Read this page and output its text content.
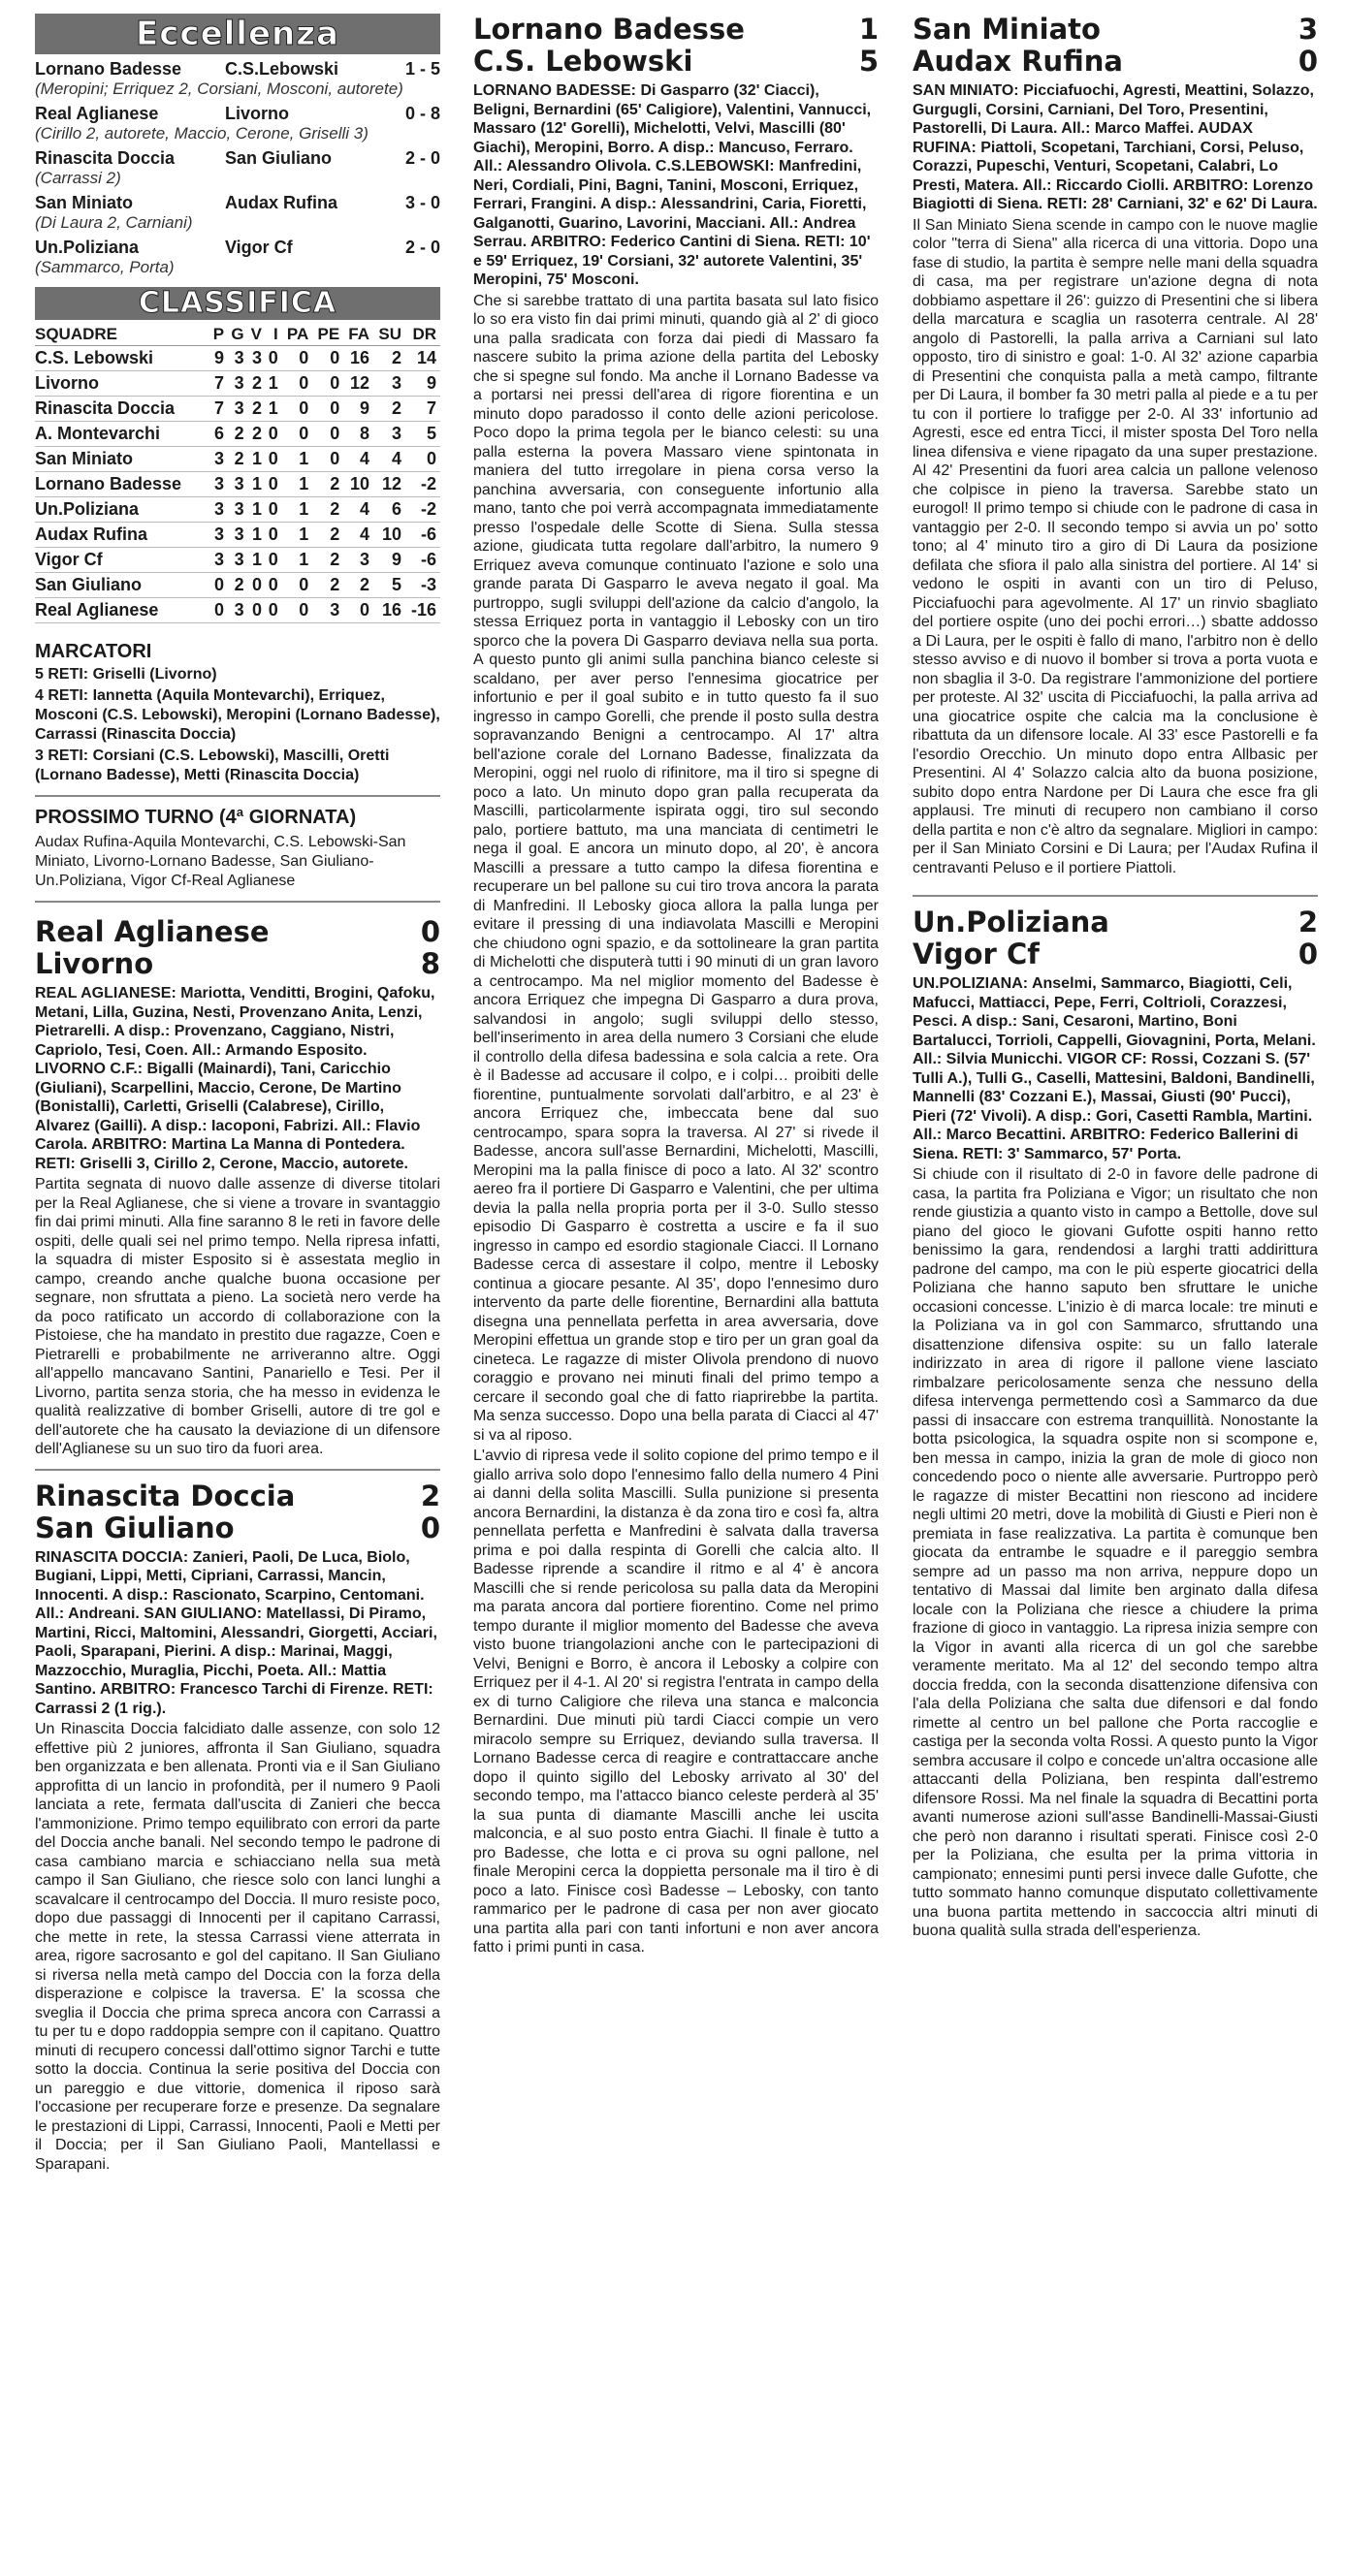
Eccellenza
Lornano Badesse	C.S.Lebowski	1 - 5
(Meropini; Erriquez 2, Corsiani, Mosconi, autorete)
Real Aglianese	Livorno	0 - 8
(Cirillo 2, autorete, Maccio, Cerone, Griselli 3)
Rinascita Doccia	San Giuliano	2 - 0
(Carrassi 2)
San Miniato	Audax Rufina	3 - 0
(Di Laura 2, Carniani)
Un.Poliziana	Vigor Cf	2 - 0
(Sammarco, Porta)
CLASSIFICA
SQUADRE	P	G	V	I	PA	PE	FA	SU	DR
C.S. Lebowski	9	3	3	0	0	0	16	2	14
Livorno	7	3	2	1	0	0	12	3	9
Rinascita Doccia	7	3	2	1	0	0	9	2	7
A. Montevarchi	6	2	2	0	0	0	8	3	5
San Miniato	3	2	1	0	1	0	4	4	0
Lornano Badesse	3	3	1	0	1	2	10	12	-2
Un.Poliziana	3	3	1	0	1	2	4	6	-2
Audax Rufina	3	3	1	0	1	2	4	10	-6
Vigor Cf	3	3	1	0	1	2	3	9	-6
San Giuliano	0	2	0	0	0	2	2	5	-3
Real Aglianese	0	3	0	0	0	3	0	16	-16
MARCATORI
5 RETI: Griselli (Livorno)
4 RETI: Iannetta (Aquila Montevarchi), Erriquez, Mosconi (C.S. Lebowski), Meropini (Lornano Badesse), Carrassi (Rinascita Doccia)
3 RETI: Corsiani (C.S. Lebowski), Mascilli, Oretti (Lornano Badesse), Metti (Rinascita Doccia)
PROSSIMO TURNO (4ª GIORNATA)
Audax Rufina-Aquila Montevarchi, C.S. Lebowski-San Miniato, Livorno-Lornano Badesse, San Giuliano-Un.Poliziana, Vigor Cf-Real Aglianese
Real Aglianese	0
Livorno	8
REAL AGLIANESE: Mariotta, Venditti, Brogini, Qafoku, Metani, Lilla, Guzina, Nesti, Provenzano Anita, Lenzi, Pietrarelli. A disp.: Provenzano, Caggiano, Nistri, Capriolo, Tesi, Coen. All.: Armando Esposito. LIVORNO C.F.: Bigalli (Mainardi), Tani, Caricchio (Giuliani), Scarpellini, Maccio, Cerone, De Martino (Bonistalli), Carletti, Griselli (Calabrese), Cirillo, Alvarez (Gailli). A disp.: Iacoponi, Fabrizi. All.: Flavio Carola. ARBITRO: Martina La Manna di Pontedera. RETI: Griselli 3, Cirillo 2, Cerone, Maccio, autorete.
Partita segnata di nuovo dalle assenze di diverse titolari per la Real Aglianese, che si viene a trovare in svantaggio fin dai primi minuti. Alla fine saranno 8 le reti in favore delle ospiti, delle quali sei nel primo tempo. Nella ripresa infatti, la squadra di mister Esposito si è assestata meglio in campo, creando anche qualche buona occasione per segnare, non sfruttata a pieno. La società nero verde ha da poco ratificato un accordo di collaborazione con la Pistoiese, che ha mandato in prestito due ragazze, Coen e Pietrarelli e probabilmente ne arriveranno altre. Oggi all'appello mancavano Santini, Panariello e Tesi. Per il Livorno, partita senza storia, che ha messo in evidenza le qualità realizzative di bomber Griselli, autore di tre gol e dell'autorete che ha causato la deviazione di un difensore dell'Aglianese su un suo tiro da fuori area.
Rinascita Doccia	2
San Giuliano	0
RINASCITA DOCCIA: Zanieri, Paoli, De Luca, Biolo, Bugiani, Lippi, Metti, Cipriani, Carrassi, Mancin, Innocenti. A disp.: Rascionato, Scarpino, Centomani. All.: Andreani. SAN GIULIANO: Matellassi, Di Piramo, Martini, Ricci, Maltomini, Alessandri, Giorgetti, Acciari, Paoli, Sparapani, Pierini. A disp.: Marinai, Maggi, Mazzocchio, Muraglia, Picchi, Poeta. All.: Mattia Santino. ARBITRO: Francesco Tarchi di Firenze. RETI: Carrassi 2 (1 rig.).
Un Rinascita Doccia falcidiato dalle assenze, con solo 12 effettive più 2 juniores, affronta il San Giuliano, squadra ben organizzata e ben allenata. Pronti via e il San Giuliano approfitta di un lancio in profondità, per il numero 9 Paoli lanciata a rete, fermata dall'uscita di Zanieri che becca l'ammonizione. Primo tempo equilibrato con errori da parte del Doccia anche banali. Nel secondo tempo le padrone di casa cambiano marcia e schiacciano nella sua metà campo il San Giuliano, che riesce solo con lanci lunghi a scavalcare il centrocampo del Doccia. Il muro resiste poco, dopo due passaggi di Innocenti per il capitano Carrassi, che mette in rete, la stessa Carrassi viene atterrata in area, rigore sacrosanto e gol del capitano. Il San Giuliano si riversa nella metà campo del Doccia con la forza della disperazione e colpisce la traversa. E' la scossa che sveglia il Doccia che prima spreca ancora con Carrassi a tu per tu e dopo raddoppia sempre con il capitano. Quattro minuti di recupero concessi dall'ottimo signor Tarchi e tutte sotto la doccia. Continua la serie positiva del Doccia con un pareggio e due vittorie, domenica il riposo sarà l'occasione per recuperare forze e presenze. Da segnalare le prestazioni di Lippi, Carrassi, Innocenti, Paoli e Metti per il Doccia; per il San Giuliano Paoli, Mantellassi e Sparapani.
Lornano Badesse	1
C.S. Lebowski	5
LORNANO BADESSE: Di Gasparro (32' Ciacci), Beligni, Bernardini (65' Caligiore), Valentini, Vannucci, Massaro (12' Gorelli), Michelotti, Velvi, Mascilli (80' Giachi), Meropini, Borro. A disp.: Mancuso, Ferraro. All.: Alessandro Olivola. C.S.LEBOWSKI: Manfredini, Neri, Cordiali, Pini, Bagni, Tanini, Mosconi, Erriquez, Ferrari, Frangini. A disp.: Alessandrini, Caria, Fioretti, Galganotti, Guarino, Lavorini, Macciani. All.: Andrea Serrau. ARBITRO: Federico Cantini di Siena. RETI: 10' e 59' Erriquez, 19' Corsiani, 32' autorete Valentini, 35' Meropini, 75' Mosconi.
Che si sarebbe trattato di una partita basata sul lato fisico lo so era visto fin dai primi minuti, quando già al 2' di gioco una palla sradicata con forza dai piedi di Massaro fa nascere subito la prima azione della partita del Lebosky che si spegne sul fondo. Ma anche il Lornano Badesse va a portarsi nei pressi dell'area di rigore fiorentina e un minuto dopo paradosso il conto delle azioni pericolose. Poco dopo la prima tegola per le bianco celesti: su una palla esterna la povera Massaro viene spintonata in maniera del tutto irregolare in piena corsa verso la panchina avversaria, con conseguente infortunio alla mano, tanto che poi verrà accompagnata immediatamente presso l'ospedale delle Scotte di Siena. Sulla stessa azione, giudicata tutta regolare dall'arbitro, la numero 9 Erriquez aveva comunque continuato l'azione e solo una grande parata Di Gasparro le aveva negato il goal. Ma purtroppo, sugli sviluppi dell'azione da calcio d'angolo, la stessa Erriquez porta in vantaggio il Lebosky con un tiro sporco che la povera Di Gasparro deviava nella sua porta. A questo punto gli animi sulla panchina bianco celeste si scaldano, per aver perso l'ennesima giocatrice per infortunio e per il goal subito e in tutto questo fa il suo ingresso in campo Gorelli, che prende il posto sulla destra sopravanzando Benigni a centrocampo. Al 17' altra bell'azione corale del Lornano Badesse, finalizzata da Meropini, oggi nel ruolo di rifinitore, ma il tiro si spegne di poco a lato. Un minuto dopo gran palla recuperata da Mascilli, particolarmente ispirata oggi, tiro sul secondo palo, portiere battuto, ma una manciata di centimetri le nega il goal. E ancora un minuto dopo, al 20', è ancora Mascilli a pressare a tutto campo la difesa fiorentina e recuperare un bel pallone su cui tiro trova ancora la parata di Manfredini. Il Lebosky gioca allora la palla lunga per evitare il pressing di una indiavolata Mascilli e Meropini che chiudono ogni spazio, e da sottolineare la gran partita di Michelotti che disputerà tutti i 90 minuti di un gran lavoro a centrocampo. Ma nel miglior momento del Badesse è ancora Erriquez che impegna Di Gasparro a dura prova, salvandosi in angolo; sugli sviluppi dello stesso, bell'inserimento in area della numero 3 Corsiani che elude il controllo della difesa badessina e sola calcia a rete. Ora è il Badesse ad accusare il colpo, e i colpi… proibiti delle fiorentine, puntualmente sorvolati dall'arbitro, e al 23' è ancora Erriquez che, imbeccata bene dal suo centrocampo, spara sopra la traversa. Al 27' si rivede il Badesse, ancora sull'asse Bernardini, Michelotti, Mascilli, Meropini ma la palla finisce di poco a lato. Al 32' scontro aereo fra il portiere Di Gasparro e Valentini, che per ultima devia la palla nella propria porta per il 3-0. Sullo stesso episodio Di Gasparro è costretta a uscire e fa il suo ingresso in campo ed esordio stagionale Ciacci. Il Lornano Badesse cerca di assestare il colpo, mentre il Lebosky continua a giocare pesante. Al 35', dopo l'ennesimo duro intervento da parte delle fiorentine, Bernardini alla battuta disegna una pennellata perfetta in area avversaria, dove Meropini effettua un grande stop e tiro per un gran goal da cineteca. Le ragazze di mister Olivola prendono di nuovo coraggio e provano nei minuti finali del primo tempo a cercare il secondo goal che di fatto riaprirebbe la partita. Ma senza successo. Dopo una bella parata di Ciacci al 47' si va al riposo.
L'avvio di ripresa vede il solito copione del primo tempo e il giallo arriva solo dopo l'ennesimo fallo della numero 4 Pini ai danni della solita Mascilli. Sulla punizione si presenta ancora Bernardini, la distanza è da zona tiro e così fa, altra pennellata perfetta e Manfredini è salvata dalla traversa prima e poi dalla respinta di Gorelli che calcia alto. Il Badesse riprende a scandire il ritmo e al 4' è ancora Mascilli che si rende pericolosa su palla data da Meropini ma parata ancora dal portiere fiorentino. Come nel primo tempo durante il miglior momento del Badesse che aveva visto buone triangolazioni anche con le partecipazioni di Velvi, Benigni e Borro, è ancora il Lebosky a colpire con Erriquez per il 4-1. Al 20' si registra l'entrata in campo della ex di turno Caligiore che rileva una stanca e malconcia Bernardini. Due minuti più tardi Ciacci compie un vero miracolo sempre su Erriquez, deviando sulla traversa. Il Lornano Badesse cerca di reagire e contrattaccare anche dopo il quinto sigillo del Lebosky arrivato al 30' del secondo tempo, ma l'attacco bianco celeste perderà al 35' la sua punta di diamante Mascilli anche lei uscita malconcia, e al suo posto entra Giachi. Il finale è tutto a pro Badesse, che lotta e ci prova su ogni pallone, nel finale Meropini cerca la doppietta personale ma il tiro è di poco a lato. Finisce così Badesse – Lebosky, con tanto rammarico per le padrone di casa per non aver giocato una partita alla pari con tanti infortuni e non aver ancora fatto i primi punti in casa.
San Miniato	3
Audax Rufina	0
SAN MINIATO: Picciafuochi, Agresti, Meattini, Solazzo, Gurgugli, Corsini, Carniani, Del Toro, Presentini, Pastorelli, Di Laura. All.: Marco Maffei. AUDAX RUFINA: Piattoli, Scopetani, Tarchiani, Corsi, Peluso, Corazzi, Pupeschi, Venturi, Scopetani, Calabri, Lo Presti, Matera. All.: Riccardo Ciolli. ARBITRO: Lorenzo Biagiotti di Siena. RETI: 28' Carniani, 32' e 62' Di Laura.
Il San Miniato Siena scende in campo con le nuove maglie color "terra di Siena" alla ricerca di una vittoria. Dopo una fase di studio, la partita è sempre nelle mani della squadra di casa, ma per registrare un'azione degna di nota dobbiamo aspettare il 26': guizzo di Presentini che si libera della marcatura e scaglia un rasoterra centrale. Al 28' angolo di Pastorelli, la palla arriva a Carniani sul lato opposto, tiro di sinistro e goal: 1-0. Al 32' azione caparbia di Presentini che conquista palla a metà campo, filtrante per Di Laura, il bomber fa 30 metri palla al piede e a tu per tu con il portiere lo trafigge per 2-0. Al 33' infortunio ad Agresti, esce ed entra Ticci, il mister sposta Del Toro nella linea difensiva e viene ripagato da una super prestazione. Al 42' Presentini da fuori area calcia un pallone velenoso che colpisce in pieno la traversa. Sarebbe stato un eurogol! Il primo tempo si chiude con le padrone di casa in vantaggio per 2-0. Il secondo tempo si avvia un po' sotto tono; al 4' minuto tiro a giro di Di Laura da posizione defilata che sfiora il palo alla sinistra del portiere. Al 14' si vedono le ospiti in avanti con un tiro di Peluso, Picciafuochi para agevolmente. Al 17' un rinvio sbagliato del portiere ospite (uno dei pochi errori…) sbatte addosso a Di Laura, per le ospiti è fallo di mano, l'arbitro non è dello stesso avviso e di nuovo il bomber si trova a porta vuota e non sbaglia il 3-0. Da registrare l'ammonizione del portiere per proteste. Al 32' uscita di Picciafuochi, la palla arriva ad una giocatrice ospite che calcia ma la conclusione è ribattuta da un difensore locale. Al 33' esce Pastorelli e fa l'esordio Orecchio. Un minuto dopo entra Allbasic per Presentini. Al 4' Solazzo calcia alto da buona posizione, subito dopo entra Nardone per Di Laura che esce fra gli applausi. Tre minuti di recupero non cambiano il corso della partita e non c'è altro da segnalare. Migliori in campo: per il San Miniato Corsini e Di Laura; per l'Audax Rufina il centravanti Peluso e il portiere Piattoli.
Un.Poliziana	2
Vigor Cf	0
UN.POLIZIANA: Anselmi, Sammarco, Biagiotti, Celi, Mafucci, Mattiacci, Pepe, Ferri, Coltrioli, Corazzesi, Pesci. A disp.: Sani, Cesaroni, Martino, Boni Bartalucci, Torrioli, Cappelli, Giovagnini, Porta, Melani. All.: Silvia Municchi. VIGOR CF: Rossi, Cozzani S. (57' Tulli A.), Tulli G., Caselli, Mattesini, Baldoni, Bandinelli, Mannelli (83' Cozzani E.), Massai, Giusti (90' Pucci), Pieri (72' Vivoli). A disp.: Gori, Casetti Rambla, Martini. All.: Marco Becattini. ARBITRO: Federico Ballerini di Siena. RETI: 3' Sammarco, 57' Porta.
Si chiude con il risultato di 2-0 in favore delle padrone di casa, la partita fra Poliziana e Vigor; un risultato che non rende giustizia a quanto visto in campo a Bettolle, dove sul piano del gioco le giovani Gufotte ospiti hanno retto benissimo la gara, rendendosi a larghi tratti addirittura padrone del campo, ma con le più esperte giocatrici della Poliziana che hanno saputo ben sfruttare le uniche occasioni concesse. L'inizio è di marca locale: tre minuti e la Poliziana va in gol con Sammarco, sfruttando una disattenzione difensiva ospite: su un fallo laterale indirizzato in area di rigore il pallone viene lasciato rimbalzare pericolosamente senza che nessuno della difesa intervenga permettendo così a Sammarco da due passi di insaccare con estrema tranquillità. Nonostante la botta psicologica, la squadra ospite non si scompone e, ben messa in campo, inizia la gran de mole di gioco non concedendo poco o niente alle avversarie. Purtroppo però le ragazze di mister Becattini non riescono ad incidere negli ultimi 20 metri, dove la mobilità di Giusti e Pieri non è premiata in fase realizzativa. La partita è comunque ben giocata da entrambe le squadre e il pareggio sembra sempre ad un passo ma non arriva, neppure dopo un tentativo di Massai dal limite ben arginato dalla difesa locale con la Poliziana che riesce a chiudere la prima frazione di gioco in vantaggio. La ripresa inizia sempre con la Vigor in avanti alla ricerca di un gol che sarebbe veramente meritato. Ma al 12' del secondo tempo altra doccia fredda, con la seconda disattenzione difensiva con l'ala della Poliziana che salta due difensori e dal fondo rimette al centro un bel pallone che Porta raccoglie e castiga per la seconda volta Rossi. A questo punto la Vigor sembra accusare il colpo e concede un'altra occasione alle attaccanti della Poliziana, ben respinta dall'estremo difensore Rossi. Ma nel finale la squadra di Becattini porta avanti numerose azioni sull'asse Bandinelli-Massai-Giusti che però non daranno i risultati sperati. Finisce così 2-0 per la Poliziana, che esulta per la prima vittoria in campionato; ennesimi punti persi invece dalle Gufotte, che tutto sommato hanno comunque disputato collettivamente una buona partita mettendo in saccoccia altri minuti di buona qualità sulla strada dell'esperienza.
